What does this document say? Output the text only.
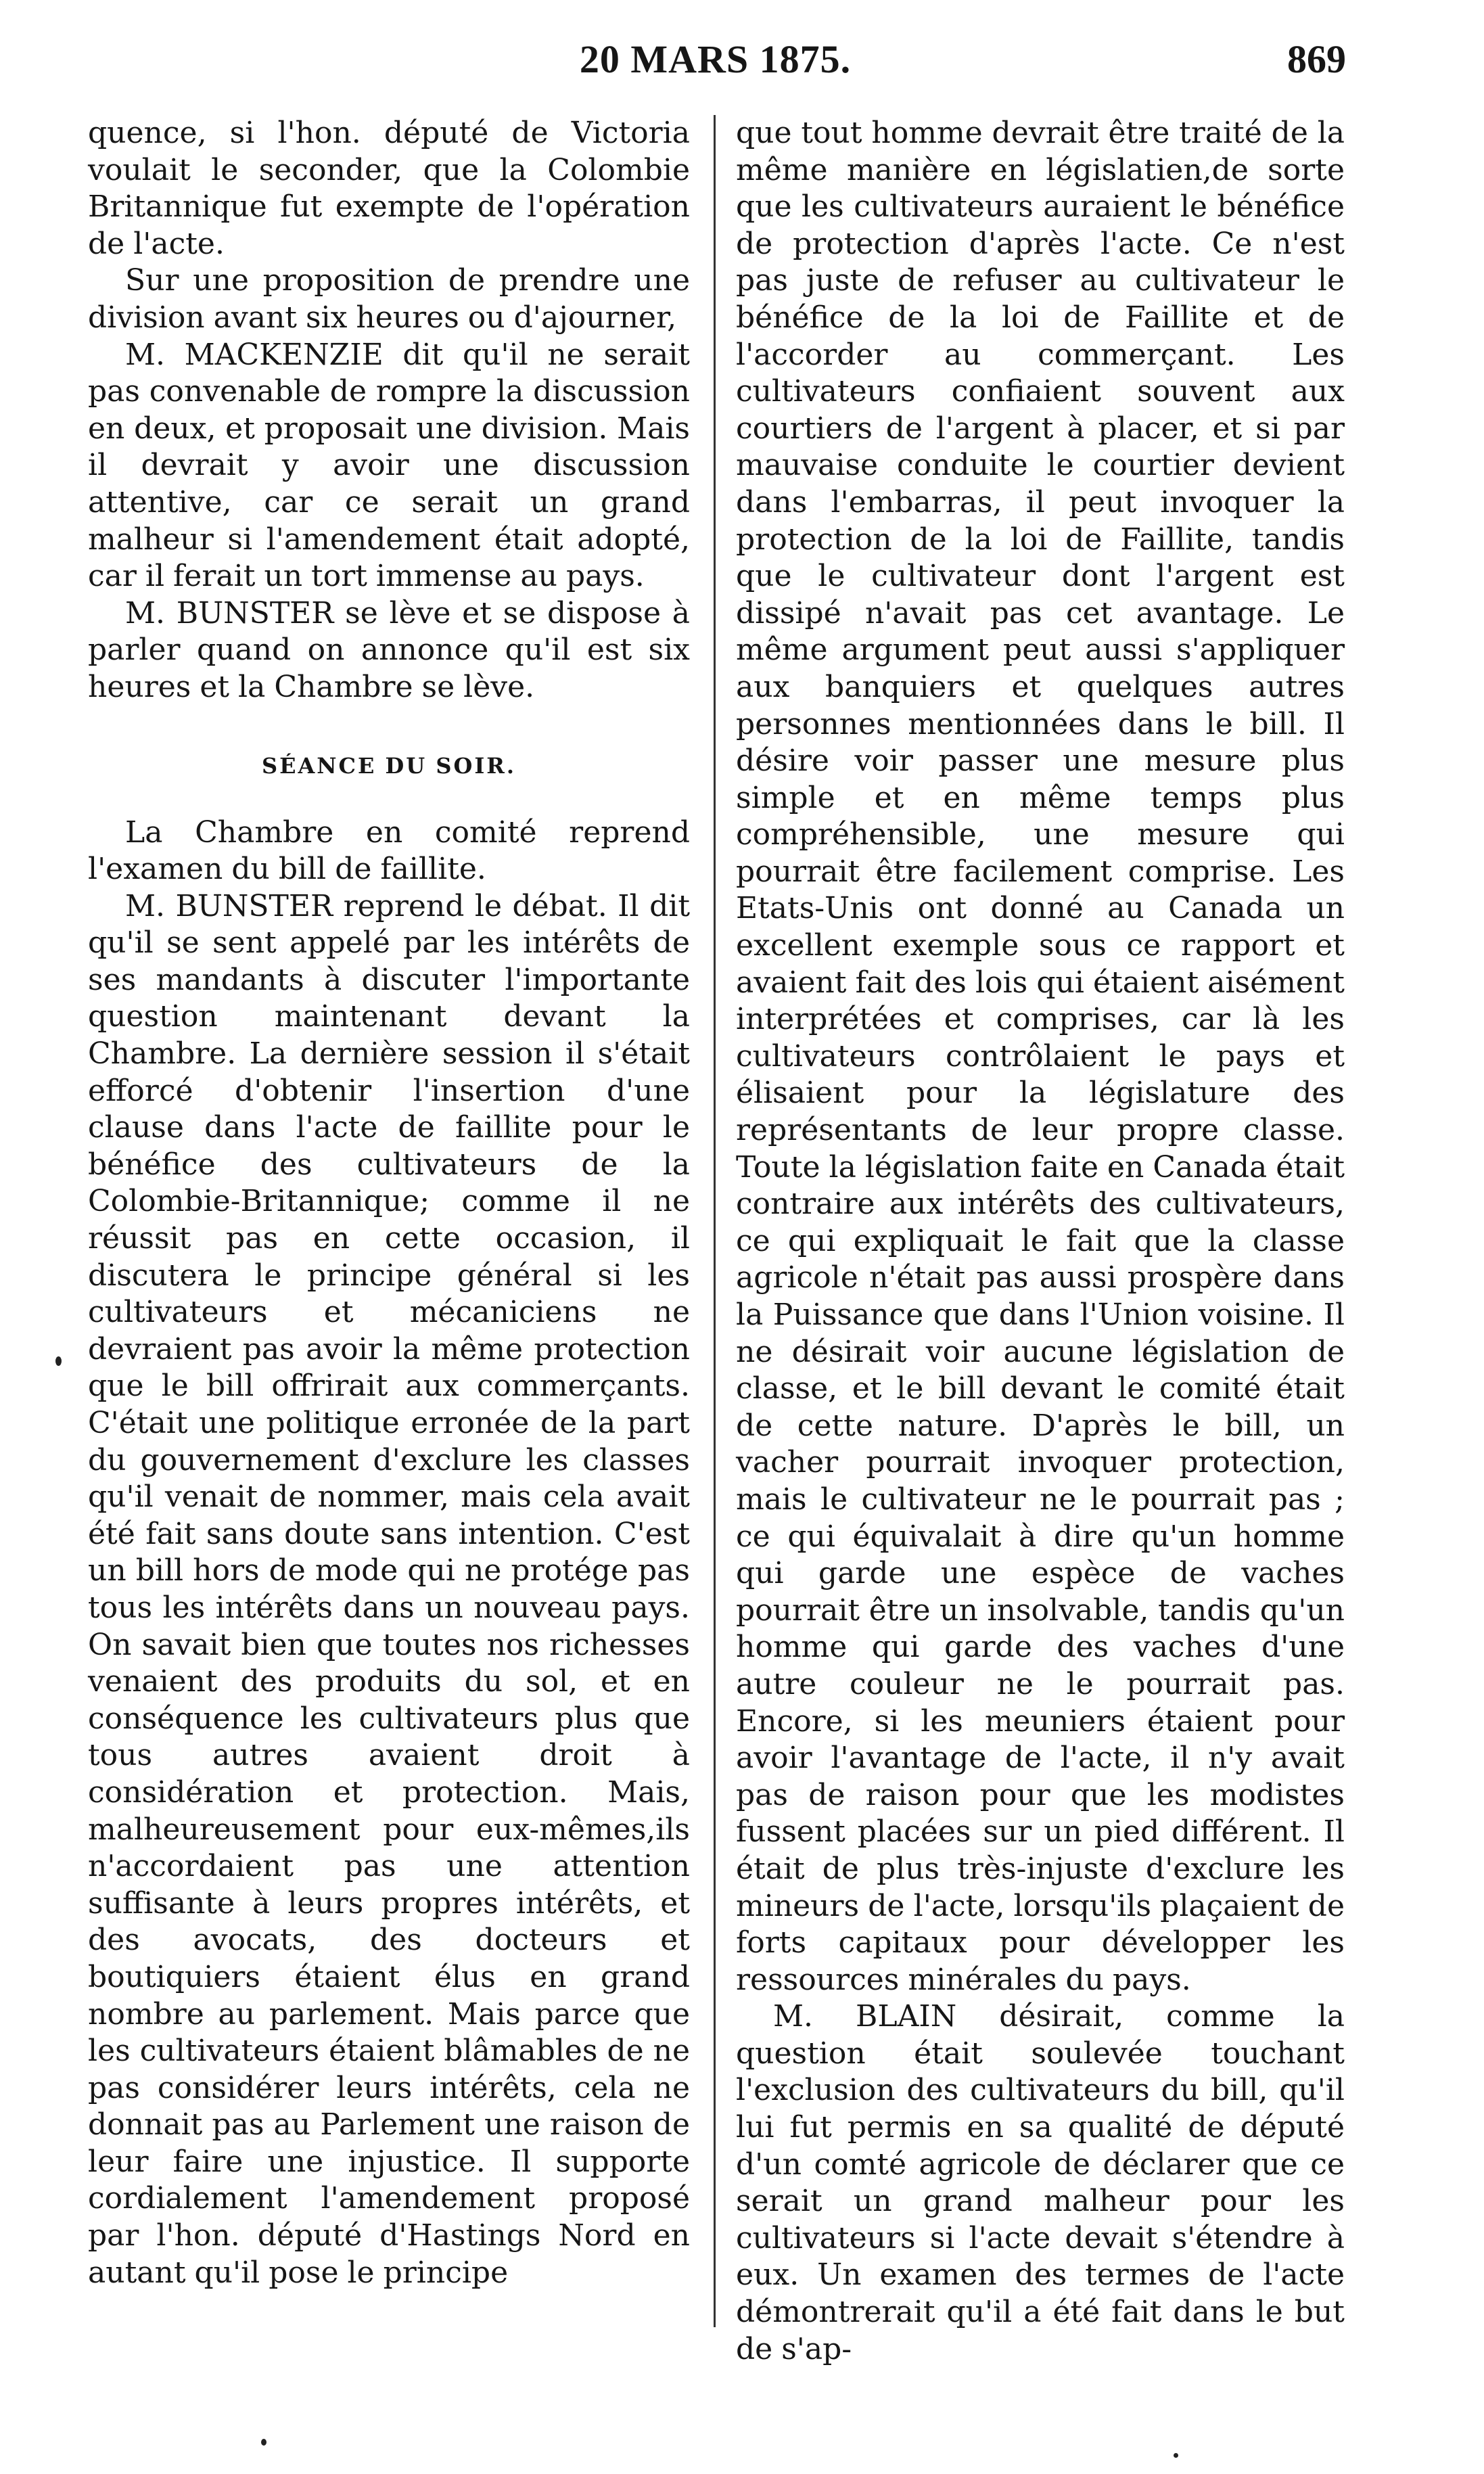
20 MARS 1875.	869

quence, si l'hon. député de Victoria voulait le seconder, que la Colombie Britannique fut exempte de l'opération de l'acte.

Sur une proposition de prendre une division avant six heures ou d'ajourner,

M. MACKENZIE dit qu'il ne serait pas convenable de rompre la discussion en deux, et proposait une division. Mais il devrait y avoir une discussion attentive, car ce serait un grand malheur si l'amendement était adopté, car il ferait un tort immense au pays.

M. BUNSTER se lève et se dispose à parler quand on annonce qu'il est six heures et la Chambre se lève.

SÉANCE DU SOIR.

La Chambre en comité reprend l'examen du bill de faillite.

M. BUNSTER reprend le débat. Il dit qu'il se sent appelé par les intérêts de ses mandants à discuter l'importante question maintenant devant la Chambre. La dernière session il s'était efforcé d'obtenir l'insertion d'une clause dans l'acte de faillite pour le bénéfice des cultivateurs de la Colombie-Britannique; comme il ne réussit pas en cette occasion, il discutera le principe général si les cultivateurs et mécaniciens ne devraient pas avoir la même protection que le bill offrirait aux commerçants. C'était une politique erronée de la part du gouvernement d'exclure les classes qu'il venait de nommer, mais cela avait été fait sans doute sans intention. C'est un bill hors de mode qui ne protége pas tous les intérêts dans un nouveau pays. On savait bien que toutes nos richesses venaient des produits du sol, et en conséquence les cultivateurs plus que tous autres avaient droit à considération et protection. Mais, malheureusement pour eux-mêmes,ils n'accordaient pas une attention suffisante à leurs propres intérêts, et des avocats, des docteurs et boutiquiers étaient élus en grand nombre au parlement. Mais parce que les cultivateurs étaient blâmables de ne pas considérer leurs intérêts, cela ne donnait pas au Parlement une raison de leur faire une injustice. Il supporte cordialement l'amendement proposé par l'hon. député d'Hastings Nord en autant qu'il pose le principe

que tout homme devrait être traité de la même manière en législatien,de sorte que les cultivateurs auraient le bénéfice de protection d'après l'acte. Ce n'est pas juste de refuser au cultivateur le bénéfice de la loi de Faillite et de l'accorder au commerçant. Les cultivateurs confiaient souvent aux courtiers de l'argent à placer, et si par mauvaise conduite le courtier devient dans l'embarras, il peut invoquer la protection de la loi de Faillite, tandis que le cultivateur dont l'argent est dissipé n'avait pas cet avantage. Le même argument peut aussi s'appliquer aux banquiers et quelques autres personnes mentionnées dans le bill. Il désire voir passer une mesure plus simple et en même temps plus compréhensible, une mesure qui pourrait être facilement comprise. Les Etats-Unis ont donné au Canada un excellent exemple sous ce rapport et avaient fait des lois qui étaient aisément interprétées et comprises, car là les cultivateurs contrôlaient le pays et élisaient pour la législature des représentants de leur propre classe. Toute la législation faite en Canada était contraire aux intérêts des cultivateurs, ce qui expliquait le fait que la classe agricole n'était pas aussi prospère dans la Puissance que dans l'Union voisine. Il ne désirait voir aucune législation de classe, et le bill devant le comité était de cette nature. D'après le bill, un vacher pourrait invoquer protection, mais le cultivateur ne le pourrait pas ; ce qui équivalait à dire qu'un homme qui garde une espèce de vaches pourrait être un insolvable, tandis qu'un homme qui garde des vaches d'une autre couleur ne le pourrait pas. Encore, si les meuniers étaient pour avoir l'avantage de l'acte, il n'y avait pas de raison pour que les modistes fussent placées sur un pied différent. Il était de plus très-injuste d'exclure les mineurs de l'acte, lorsqu'ils plaçaient de forts capitaux pour développer les ressources minérales du pays.

M. BLAIN désirait, comme la question était soulevée touchant l'exclusion des cultivateurs du bill, qu'il lui fut permis en sa qualité de député d'un comté agricole de déclarer que ce serait un grand malheur pour les cultivateurs si l'acte devait s'étendre à eux. Un examen des termes de l'acte démontrerait qu'il a été fait dans le but de s'ap-
